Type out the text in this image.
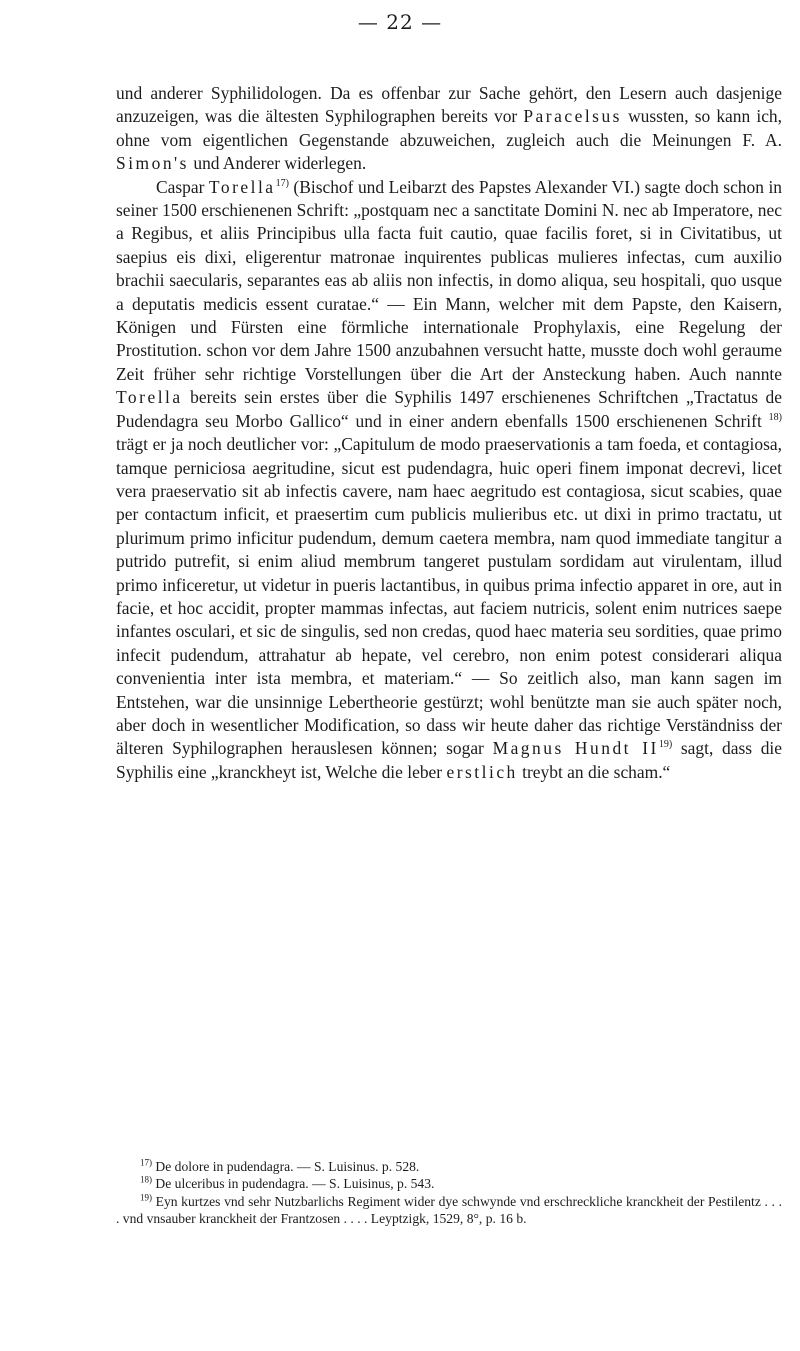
— 22 —

und anderer Syphilidologen. Da es offenbar zur Sache gehört, den Lesern auch dasjenige anzuzeigen, was die ältesten Syphilographen bereits vor Paracelsus wussten, so kann ich, ohne vom eigentlichen Gegenstande abzuweichen, zugleich auch die Meinungen F. A. Simon's und Anderer widerlegen.

Caspar Torella$^{17)}$ (Bischof und Leibarzt des Papstes Alexander VI.) sagte doch schon in seiner 1500 erschienenen Schrift: „postquam nec a sanctitate Domini N. nec ab Imperatore, nec a Regibus, et aliis Principibus ulla facta fuit cautio, quae facilis foret, si in Civitatibus, ut saepius eis dixi, eligerentur matronae inquirentes publicas mulieres infectas, cum auxilio brachii saecularis, separantes eas ab aliis non infectis, in domo aliqua, seu hospitali, quo usque a deputatis medicis essent curatae.“ — Ein Mann, welcher mit dem Papste, den Kaisern, Königen und Fürsten eine förmliche internationale Prophylaxis, eine Regelung der Prostitution. schon vor dem Jahre 1500 anzubahnen versucht hatte, musste doch wohl geraume Zeit früher sehr richtige Vorstellungen über die Art der Ansteckung haben. Auch nannte Torella bereits sein erstes über die Syphilis 1497 erschienenes Schriftchen „Tractatus de Pudendagra seu Morbo Gallico“ und in einer andern ebenfalls 1500 erschienenen Schrift $^{18)}$ trägt er ja noch deutlicher vor: „Capitulum de modo praeservationis a tam foeda, et contagiosa, tamque perniciosa aegritudine, sicut est pudendagra, huic operi finem imponat decrevi, licet vera praeservatio sit ab infectis cavere, nam haec aegritudo est contagiosa, sicut scabies, quae per contactum inficit, et praesertim cum publicis mulieribus etc. ut dixi in primo tractatu, ut plurimum primo inficitur pudendum, demum caetera membra, nam quod immediate tangitur a putrido putrefit, si enim aliud membrum tangeret pustulam sordidam aut virulentam, illud primo inficeretur, ut videtur in pueris lactantibus, in quibus prima infectio apparet in ore, aut in facie, et hoc accidit, propter mammas infectas, aut faciem nutricis, solent enim nutrices saepe infantes osculari, et sic de singulis, sed non credas, quod haec materia seu sordities, quae primo infecit pudendum, attrahatur ab hepate, vel cerebro, non enim potest considerari aliqua convenientia inter ista membra, et materiam.“ — So zeitlich also, man kann sagen im Entstehen, war die unsinnige Lebertheorie gestürzt; wohl benützte man sie auch später noch, aber doch in wesentlicher Modification, so dass wir heute daher das richtige Verständniss der älteren Syphilographen herauslesen können; sogar Magnus Hundt II$^{19)}$ sagt, dass die Syphilis eine „kranckheyt ist, Welche die leber erstlich treybt an die scham.“

$^{17)}$ De dolore in pudendagra. — S. Luisinus. p. 528.

$^{18)}$ De ulceribus in pudendagra. — S. Luisinus, p. 543.

$^{19)}$ Eyn kurtzes vnd sehr Nutzbarlichs Regiment wider dye schwynde vnd erschreckliche kranckheit der Pestilentz . . . . vnd vnsauber kranckheit der Frantzosen . . . . Leyptzigk, 1529, 8°, p. 16 b.
